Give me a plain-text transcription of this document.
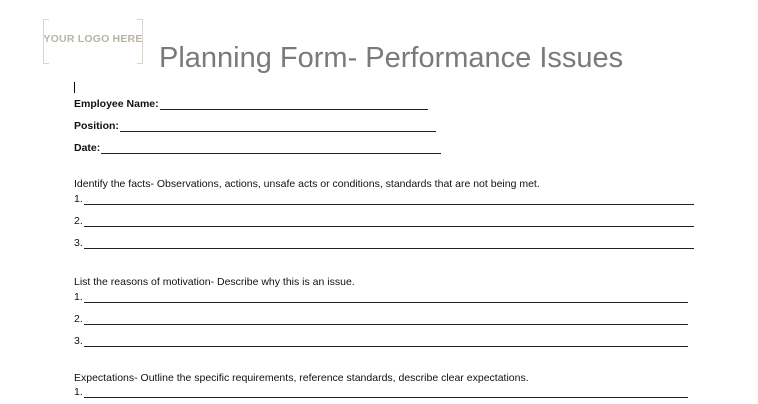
YOUR LOGO HERE
Planning Form- Performance Issues
Employee Name:
Position:
Date:
Identify the facts- Observations, actions, unsafe acts or conditions, standards that are not being met.
1.
2.
3.
List the reasons of motivation- Describe why this is an issue.
1.
2.
3.
Expectations- Outline the specific requirements, reference standards, describe clear expectations.
1.
